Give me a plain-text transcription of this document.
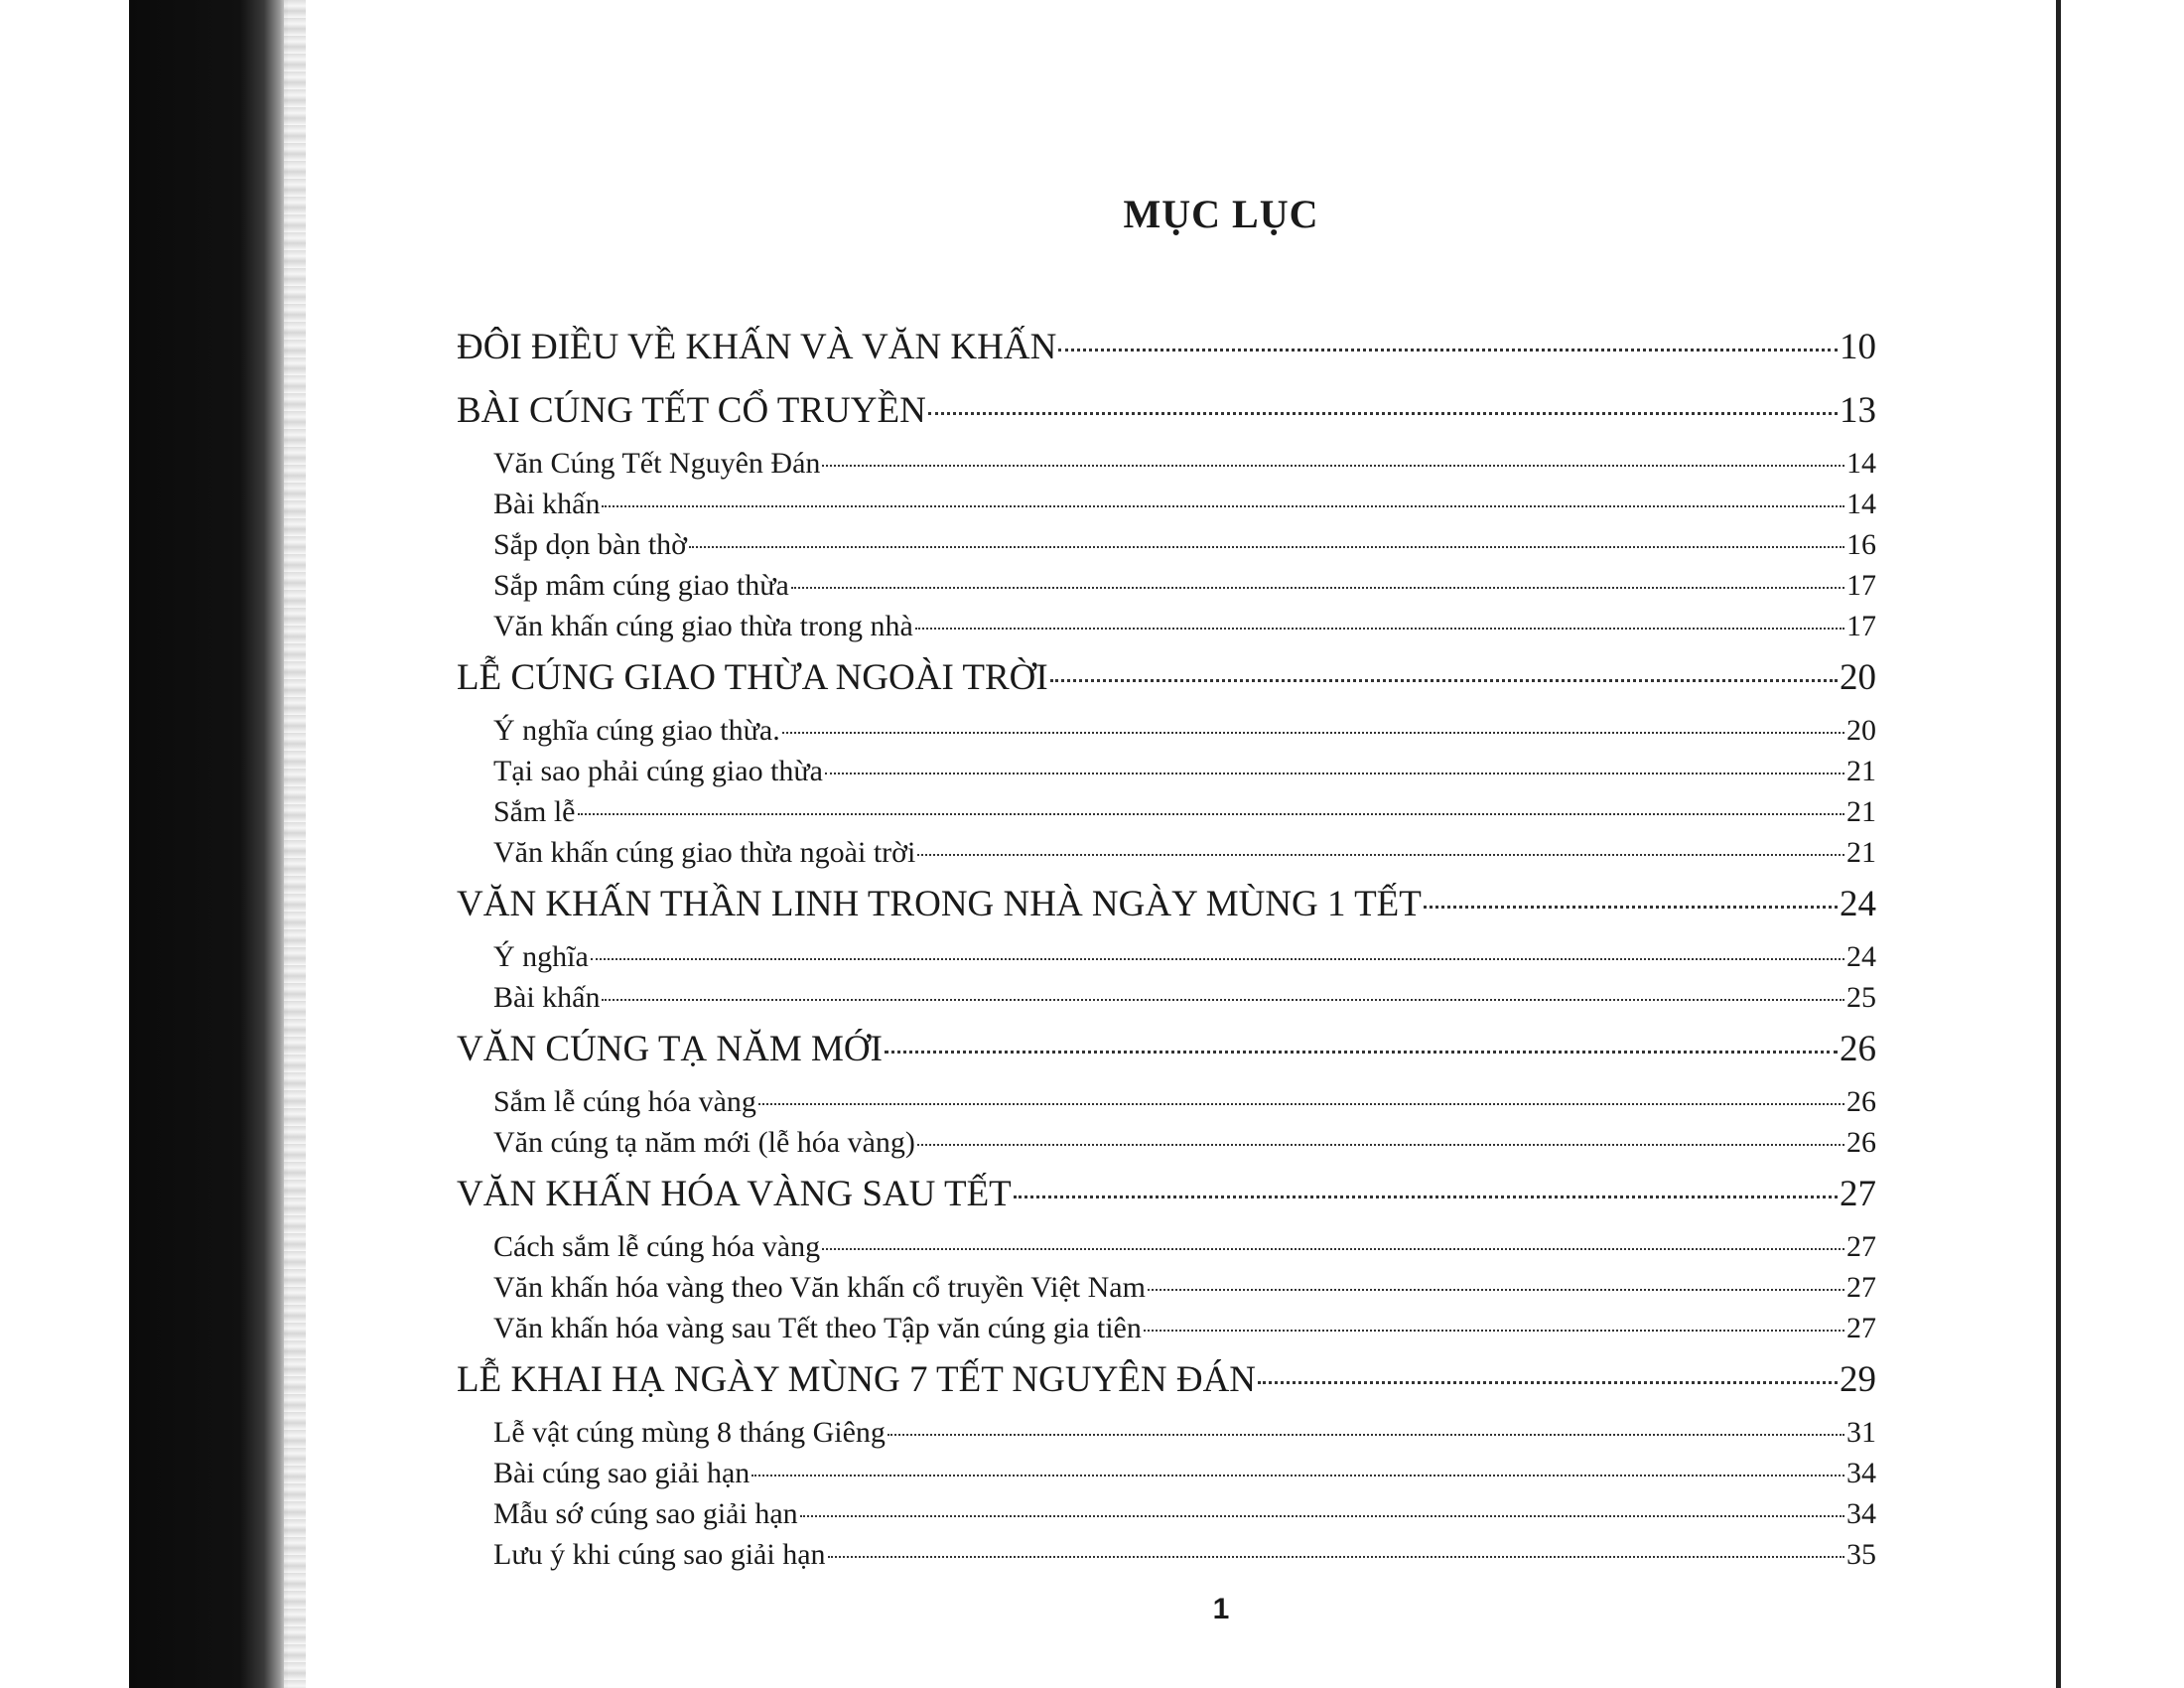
MỤC LỤC
ĐÔI ĐIỀU VỀ KHẤN VÀ VĂN KHẤN	10
BÀI CÚNG TẾT CỔ TRUYỀN	13
Văn Cúng Tết Nguyên Đán	14
Bài khấn	14
Sắp dọn bàn thờ	16
Sắp mâm cúng giao thừa	17
Văn khấn cúng giao thừa trong nhà	17
LỄ CÚNG GIAO THỪA NGOÀI TRỜI	20
Ý nghĩa cúng giao thừa.	20
Tại sao phải cúng giao thừa	21
Sắm lễ	21
Văn khấn cúng giao thừa ngoài trời	21
VĂN KHẤN THẦN LINH TRONG NHÀ NGÀY MÙNG 1 TẾT	24
Ý nghĩa	24
Bài khấn	25
VĂN CÚNG TẠ NĂM MỚI	26
Sắm lễ cúng hóa vàng	26
Văn cúng tạ năm mới (lễ hóa vàng)	26
VĂN KHẤN HÓA VÀNG SAU TẾT	27
Cách sắm lễ cúng hóa vàng	27
Văn khấn hóa vàng theo Văn khấn cổ truyền Việt Nam	27
Văn khấn hóa vàng sau Tết theo Tập văn cúng gia tiên	27
LỄ KHAI HẠ NGÀY MÙNG 7 TẾT NGUYÊN ĐÁN	29
Lễ vật cúng mùng 8 tháng Giêng	31
Bài cúng sao giải hạn	34
Mẫu sớ cúng sao giải hạn	34
Lưu ý khi cúng sao giải hạn	35
1
